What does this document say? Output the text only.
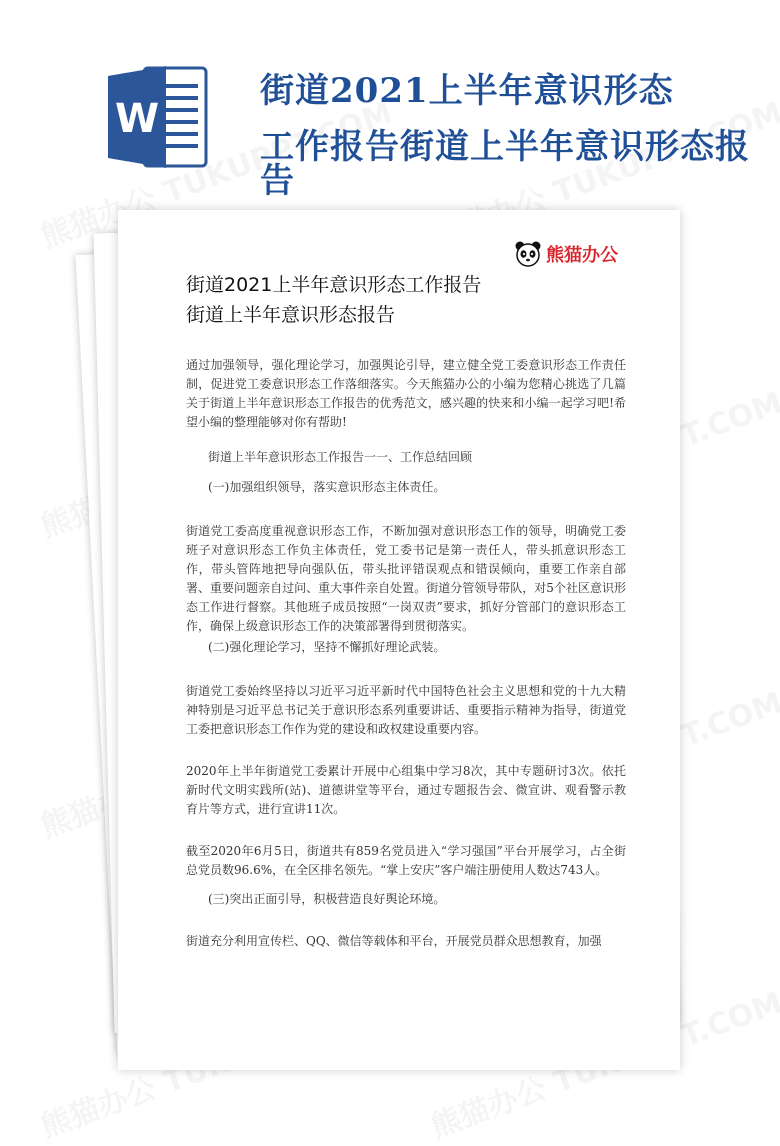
W
街道2021上半年意识形态
工作报告街道上半年意识形态报告
熊猫办公
街道2021上半年意识形态工作报告
街道上半年意识形态报告
通过加强领导，强化理论学习，加强舆论引导，建立健全党工委意识形态工作责任制，促进党工委意识形态工作落细落实。今天熊猫办公的小编为您精心挑选了几篇关于街道上半年意识形态工作报告的优秀范文，感兴趣的快来和小编一起学习吧!希望小编的整理能够对你有帮助!
街道上半年意识形态工作报告一一、工作总结回顾
(一)加强组织领导，落实意识形态主体责任。
街道党工委高度重视意识形态工作，不断加强对意识形态工作的领导，明确党工委班子对意识形态工作负主体责任，党工委书记是第一责任人，带头抓意识形态工作，带头管阵地把导向强队伍，带头批评错误观点和错误倾向，重要工作亲自部署、重要问题亲自过问、重大事件亲自处置。街道分管领导带队，对5个社区意识形态工作进行督察。其他班子成员按照“一岗双责”要求，抓好分管部门的意识形态工作，确保上级意识形态工作的决策部署得到贯彻落实。
(二)强化理论学习，坚持不懈抓好理论武装。
街道党工委始终坚持以习近平习近平新时代中国特色社会主义思想和党的十九大精神特别是习近平总书记关于意识形态系列重要讲话、重要指示精神为指导，街道党工委把意识形态工作作为党的建设和政权建设重要内容。
2020年上半年街道党工委累计开展中心组集中学习8次，其中专题研讨3次。依托新时代文明实践所(站)、道德讲堂等平台，通过专题报告会、微宣讲、观看警示教育片等方式，进行宣讲11次。
截至2020年6月5日，街道共有859名党员进入“学习强国”平台开展学习，占全街总党员数96.6%，在全区排名领先。“掌上安庆”客户端注册使用人数达743人。
(三)突出正面引导，积极营造良好舆论环境。
街道充分利用宣传栏、QQ、微信等载体和平台，开展党员群众思想教育，加强
